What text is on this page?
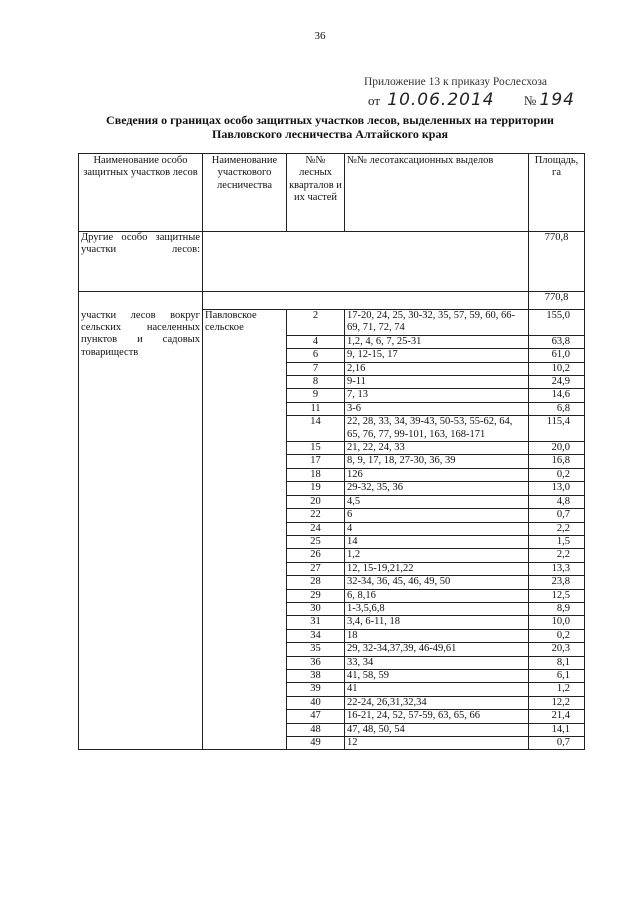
36
Приложение 13 к приказу Рослесхоза
от 10.06.2014 № 194
Сведения о границах особо защитных участков лесов, выделенных на территории
Павловского лесничества Алтайского края
Наименование особо защитных участков лесов	Наименование участкового лесничества	№№ лесных кварталов и их частей	№№ лесотаксационных выделов	Площадь, га
Другие особо защитные участки лесов:				770,8
				770,8
участки лесов вокруг сельских населенных пунктов и садовых товариществ	Павловское сельское	2	17-20, 24, 25, 30-32, 35, 57, 59, 60, 66-69, 71, 72, 74	155,0
		4	1,2, 4, 6, 7, 25-31	63,8
		6	9, 12-15, 17	61,0
		7	2,16	10,2
		8	9-11	24,9
		9	7, 13	14,6
		11	3-6	6,8
		14	22, 28, 33, 34, 39-43, 50-53, 55-62, 64, 65, 76, 77, 99-101, 163, 168-171	115,4
		15	21, 22, 24, 33	20,0
		17	8, 9, 17, 18, 27-30, 36, 39	16,8
		18	126	0,2
		19	29-32, 35, 36	13,0
		20	4,5	4,8
		22	6	0,7
		24	4	2,2
		25	14	1,5
		26	1,2	2,2
		27	12, 15-19,21,22	13,3
		28	32-34, 36, 45, 46, 49, 50	23,8
		29	6, 8,16	12,5
		30	1-3,5,6,8	8,9
		31	3,4, 6-11, 18	10,0
		34	18	0,2
		35	29, 32-34,37,39, 46-49,61	20,3
		36	33, 34	8,1
		38	41, 58, 59	6,1
		39	41	1,2
		40	22-24, 26,31,32,34	12,2
		47	16-21, 24, 52, 57-59, 63, 65, 66	21,4
		48	47, 48, 50, 54	14,1
		49	12	0,7
